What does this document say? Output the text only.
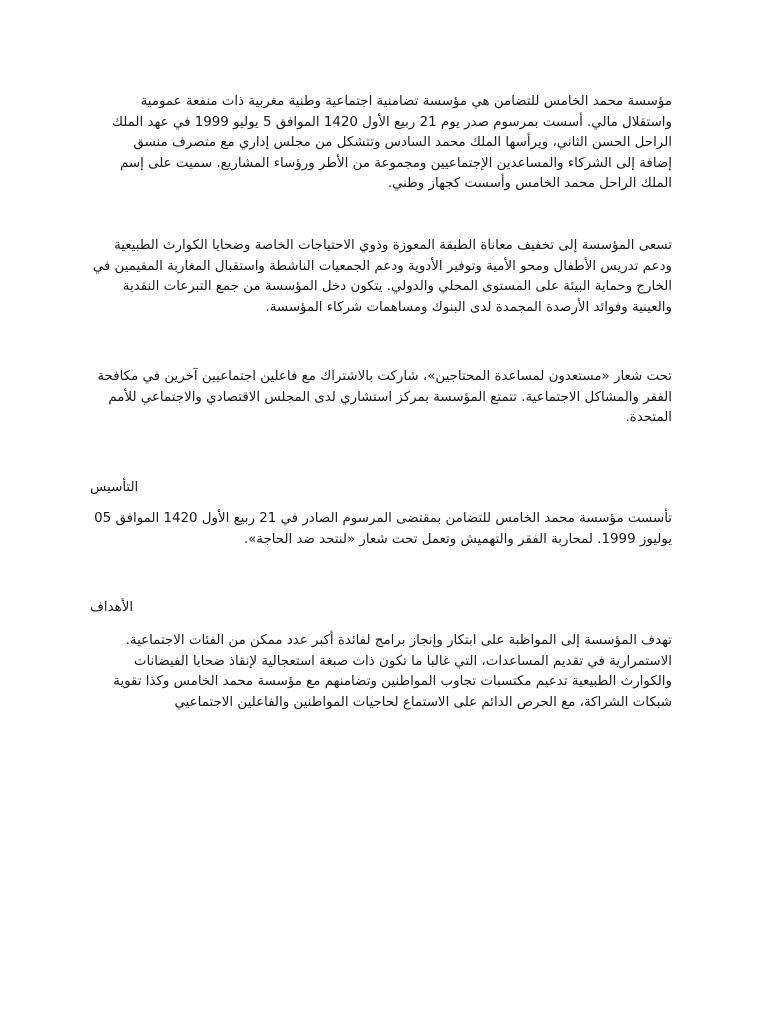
مؤسسة محمد الخامس للتضامن هي مؤسسة تضامنية اجتماعية وطنية مغربية ذات منفعة عمومية
واستقلال مالي. أسست بمرسوم صدر يوم 21 ربيع الأول 1420 الموافق 5 يوليو 1999 في عهد الملك
الراحل الحسن الثاني، ويرأسها الملك محمد السادس وتتشكل من مجلس إداري مع متصرف منسق
إضافة إلى الشركاء والمساعدين الإجتماعيين ومجموعة من الأطر ورؤساء المشاريع. سميت على إسم
الملك الراحل محمد الخامس وأسست كجهاز وطني.
تسعى المؤسسة إلى تخفيف معاناة الطبقة المعوزة وذوي الاحتياجات الخاصة وضحايا الكوارث الطبيعية
ودعم تدريس الأطفال ومحو الأمية وتوفير الأدوية ودعم الجمعيات الناشطة واستقبال المغاربة المقيمين في
الخارج وحماية البيئة على المستوى المحلي والدولي. يتكون دخل المؤسسة من جمع التبرعات النقدية
والعينية وفوائد الأرصدة المجمدة لدى البنوك ومساهمات شركاء المؤسسة.
تحت شعار «مستعدون لمساعدة المحتاجين»، شاركت بالاشتراك مع فاعلين اجتماعيين آخرين في مكافحة
الفقر والمشاكل الاجتماعية. تتمتع المؤسسة بمركز استشاري لدى المجلس الاقتصادي والاجتماعي للأمم
المتحدة.
التأسيس
تأسست مؤسسة محمد الخامس للتضامن بمقتضى المرسوم الصادر في 21 ربيع الأول 1420 الموافق 05
يوليوز 1999. لمحاربة الفقر والتهميش وتعمل تحت شعار «لنتحد ضد الحاجة».
الأهداف
تهدف المؤسسة إلى المواظبة على ابتكار وإنجاز برامج لفائدة أكبر عدد ممكن من الفئات الاجتماعية.
الاستمرارية في تقديم المساعدات، التي غالبا ما تكون ذات صبغة استعجالية لإنقاذ ضحايا الفيضانات
والكوارث الطبيعية تدعيم مكتسبات تجاوب المواطنين وتضامنهم مع مؤسسة محمد الخامس وكذا تقوية
شبكات الشراكة، مع الحرص الدائم على الاستماع لحاجيات المواطنين والفاعلين الاجتماعيي
